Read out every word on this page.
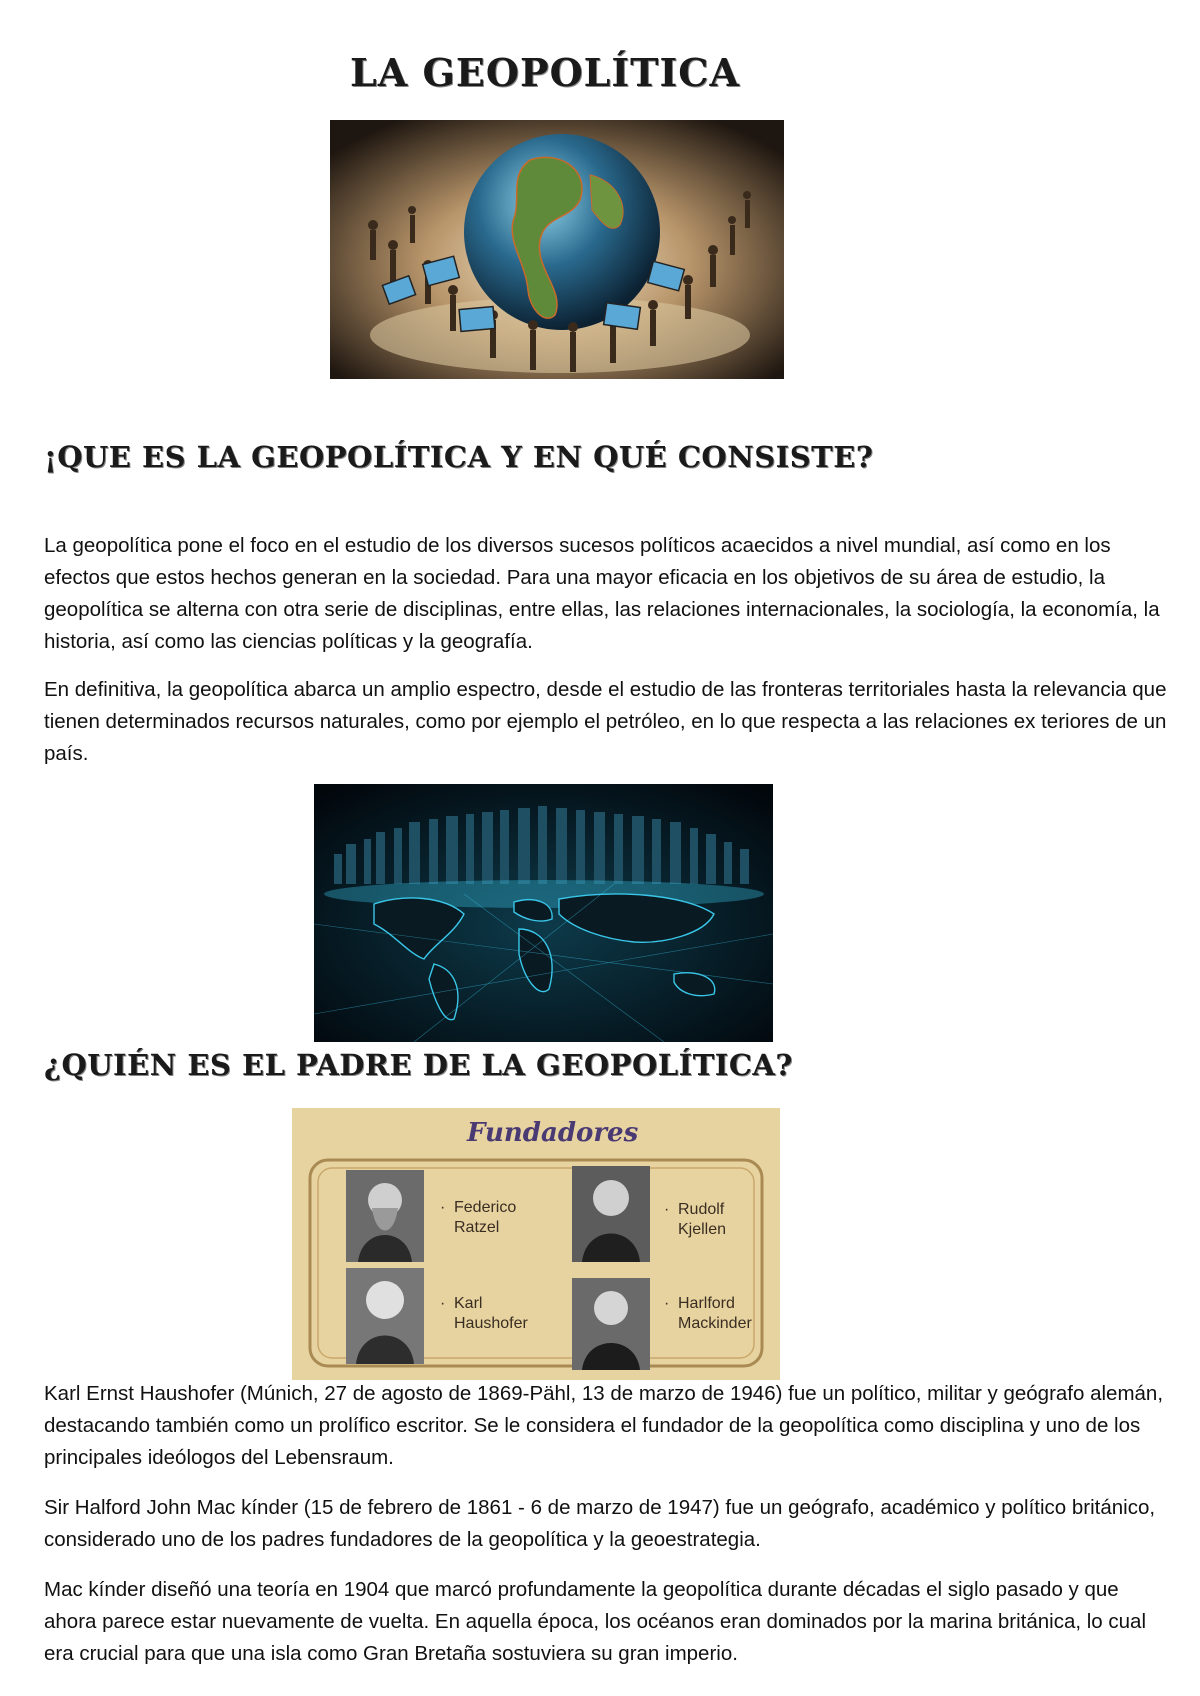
LA GEOPOLÍTICA
¡QUE ES LA GEOPOLÍTICA Y EN QUÉ CONSISTE?

La geopolítica pone el foco en el estudio de los diversos sucesos políticos acaecidos a nivel mundial, así como en los efectos que estos hechos generan en la sociedad. Para una mayor eficacia en los objetivos de su área de estudio, la geopolítica se alterna con otra serie de disciplinas, entre ellas, las relaciones internacionales, la sociología, la economía, la historia, así como las ciencias políticas y la geografía.

En definitiva, la geopolítica abarca un amplio espectro, desde el estudio de las fronteras territoriales hasta la relevancia que tienen determinados recursos naturales, como por ejemplo el petróleo, en lo que respecta a las relaciones ex teriores de un país.

¿QUIÉN ES EL PADRE DE LA GEOPOLÍTICA?
Fundadores
· Federico
Ratzel
· Rudolf
Kjellen
· Karl
Haushofer
· Harlford
Mackinder

Karl Ernst Haushofer (Múnich, 27 de agosto de 1869-Pähl, 13 de marzo de 1946) fue un político, militar y geógrafo alemán, destacando también como un prolífico escritor. Se le considera el fundador de la geopolítica como disciplina y uno de los principales ideólogos del Lebensraum.

Sir Halford John Mac kínder (15 de febrero de 1861 - 6 de marzo de 1947) fue un geógrafo, académico y político británico, considerado uno de los padres fundadores de la geopolítica y la geoestrategia.

Mac kínder diseñó una teoría en 1904 que marcó profundamente la geopolítica durante décadas el siglo pasado y que ahora parece estar nuevamente de vuelta. En aquella época, los océanos eran dominados por la marina británica, lo cual era crucial para que una isla como Gran Bretaña sostuviera su gran imperio.
